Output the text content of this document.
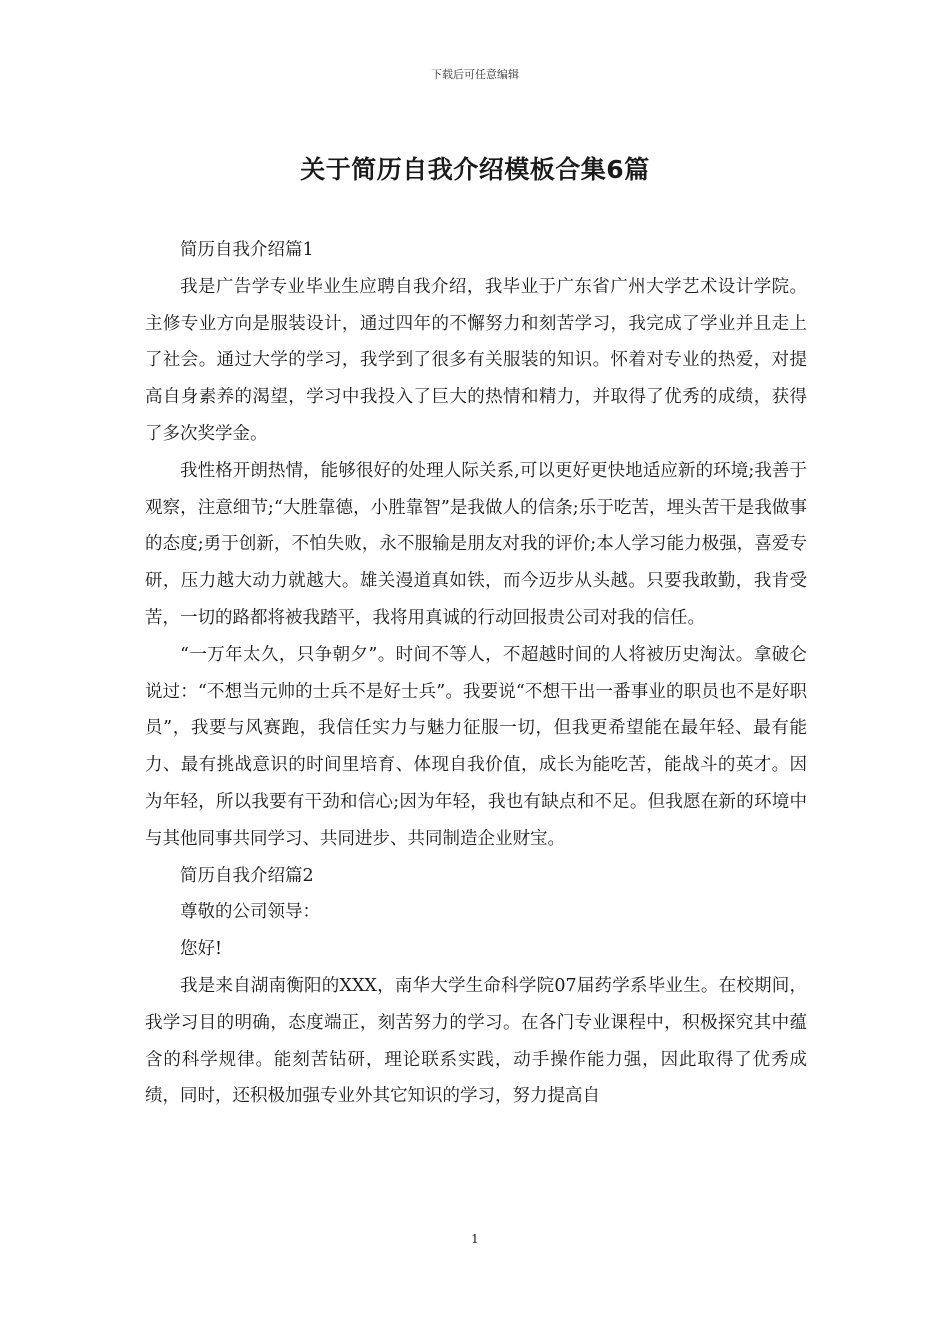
下载后可任意编辑
关于简历自我介绍模板合集6篇

简历自我介绍篇1

我是广告学专业毕业生应聘自我介绍，我毕业于广东省广州大学艺术设计学院。主修专业方向是服装设计，通过四年的不懈努力和刻苦学习，我完成了学业并且走上了社会。通过大学的学习，我学到了很多有关服装的知识。怀着对专业的热爱，对提高自身素养的渴望，学习中我投入了巨大的热情和精力，并取得了优秀的成绩，获得了多次奖学金。

我性格开朗热情，能够很好的处理人际关系,可以更好更快地适应新的环境;我善于观察，注意细节;“大胜靠德，小胜靠智”是我做人的信条;乐于吃苦，埋头苦干是我做事的态度;勇于创新，不怕失败，永不服输是朋友对我的评价;本人学习能力极强，喜爱专研，压力越大动力就越大。雄关漫道真如铁，而今迈步从头越。只要我敢勤，我肯受苦，一切的路都将被我踏平，我将用真诚的行动回报贵公司对我的信任。

“一万年太久，只争朝夕”。时间不等人，不超越时间的人将被历史淘汰。拿破仑说过：“不想当元帅的士兵不是好士兵”。我要说“不想干出一番事业的职员也不是好职员”，我要与风赛跑，我信任实力与魅力征服一切，但我更希望能在最年轻、最有能力、最有挑战意识的时间里培育、体现自我价值，成长为能吃苦，能战斗的英才。因为年轻，所以我要有干劲和信心;因为年轻，我也有缺点和不足。但我愿在新的环境中与其他同事共同学习、共同进步、共同制造企业财宝。

简历自我介绍篇2

尊敬的公司领导：

您好!

我是来自湖南衡阳的XXX，南华大学生命科学院07届药学系毕业生。在校期间，我学习目的明确，态度端正，刻苦努力的学习。在各门专业课程中，积极探究其中蕴含的科学规律。能刻苦钻研，理论联系实践，动手操作能力强，因此取得了优秀成绩，同时，还积极加强专业外其它知识的学习，努力提高自

1
